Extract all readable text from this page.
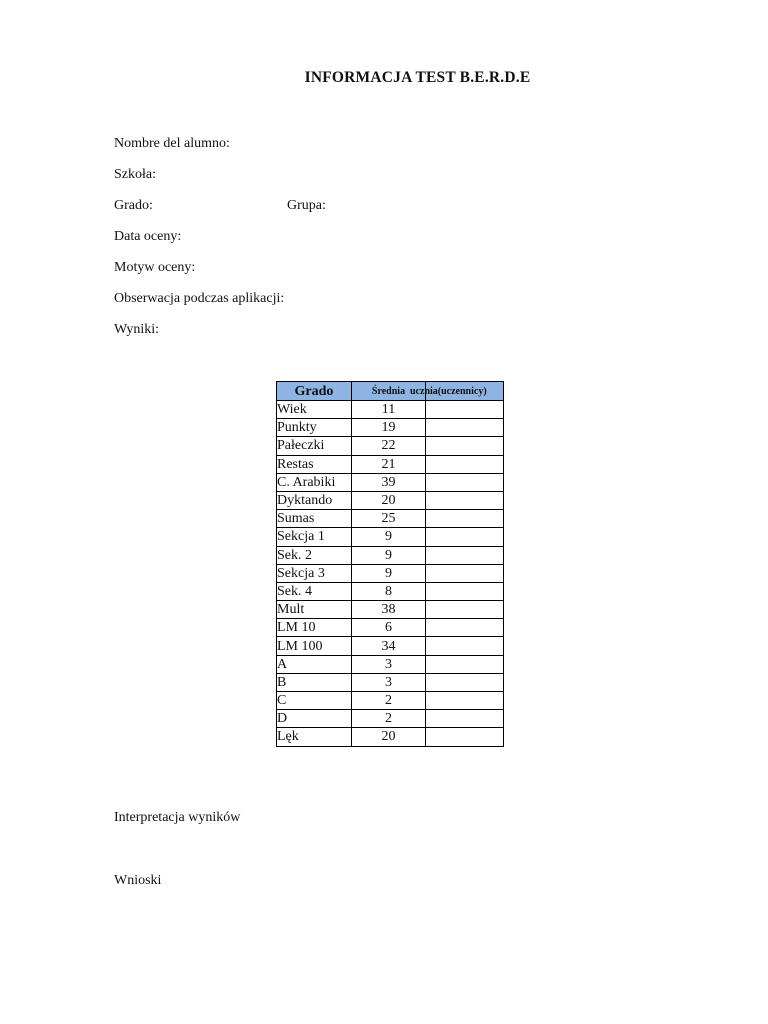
INFORMACJA TEST B.E.R.D.E
Nombre del alumno:
Szkoła:
Grado:	Grupa:
Data oceny:
Motyw oceny:
Obserwacja podczas aplikacji:
Wyniki:
Grado	Średnia	ucznia(uczennicy)
Wiek	11	
Punkty	19	
Pałeczki	22	
Restas	21	
C. Arabiki	39	
Dyktando	20	
Sumas	25	
Sekcja 1	9	
Sek. 2	9	
Sekcja 3	9	
Sek. 4	8	
Mult	38	
LM 10	6	
LM 100	34	
A	3	
B	3	
C	2	
D	2	
Lęk	20	
Interpretacja wyników
Wnioski
